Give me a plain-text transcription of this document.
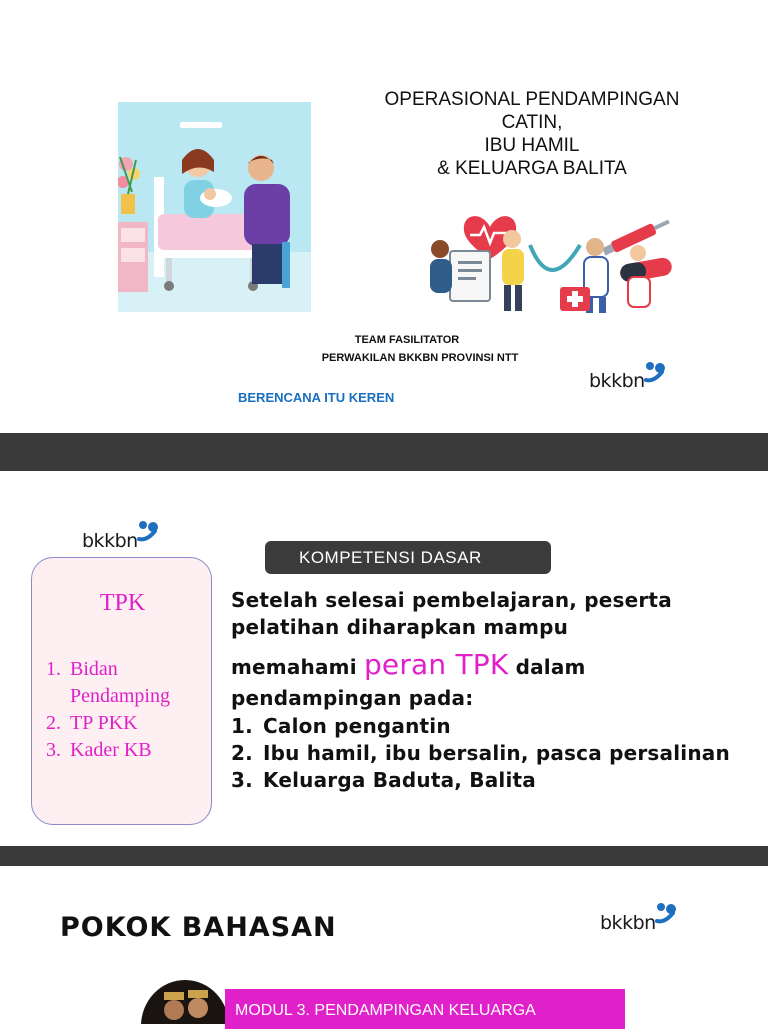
OPERASIONAL PENDAMPINGAN
CATIN,
IBU HAMIL
& KELUARGA BALITA
TEAM FASILITATOR
PERWAKILAN BKKBN PROVINSI NTT
BERENCANA ITU KEREN
bkkbn
bkkbn
TPK
1. Bidan Pendamping
2. TP PKK
3. Kader KB
KOMPETENSI DASAR
Setelah selesai pembelajaran, peserta pelatihan diharapkan mampu
memahami peran TPK dalam
pendampingan pada:
1. Calon pengantin
2. Ibu hamil, ibu bersalin, pasca persalinan
3. Keluarga Baduta, Balita
POKOK BAHASAN	bkkbn
MODUL 3. PENDAMPINGAN KELUARGA
